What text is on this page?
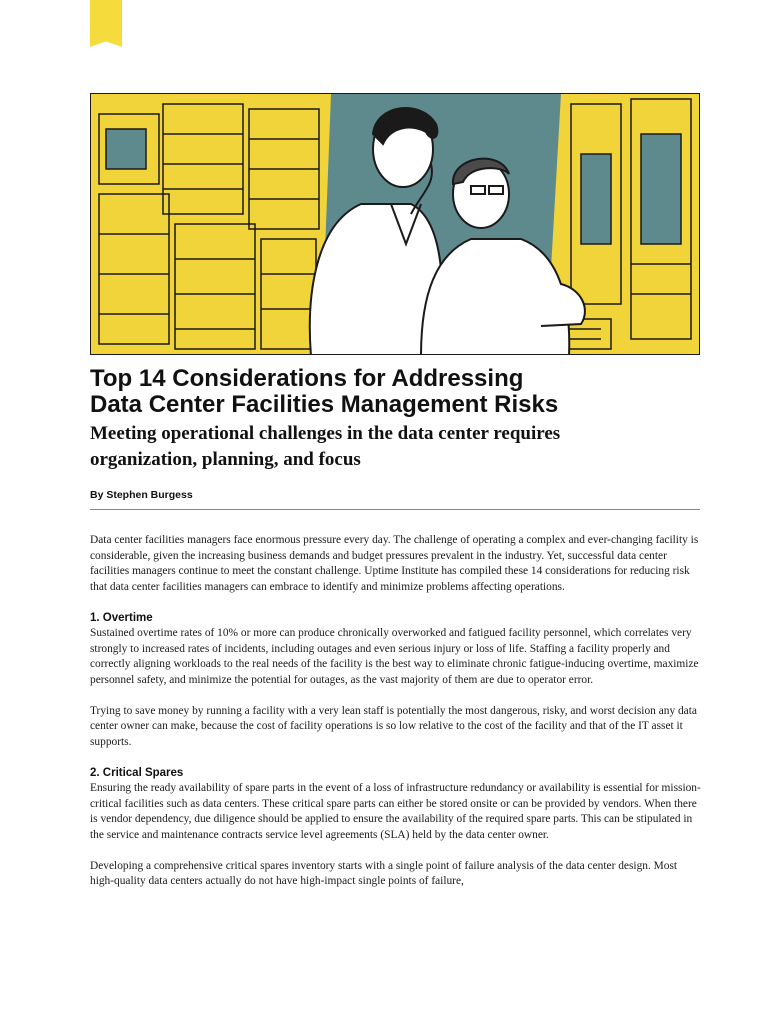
Top 14 Considerations for Addressing
Data Center Facilities Management Risks
Meeting operational challenges in the data center requires
organization, planning, and focus

By Stephen Burgess

Data center facilities managers face enormous pressure every day. The challenge of operating a complex and ever-changing facility is considerable, given the increasing business demands and budget pressures prevalent in the industry. Yet, successful data center facilities managers continue to meet the constant challenge. Uptime Institute has compiled these 14 considerations for reducing risk that data center facilities managers can embrace to identify and minimize problems affecting operations.

1. Overtime

Sustained overtime rates of 10% or more can produce chronically overworked and fatigued facility personnel, which correlates very strongly to increased rates of incidents, including outages and even serious injury or loss of life. Staffing a facility properly and correctly aligning workloads to the real needs of the facility is the best way to eliminate chronic fatigue-inducing overtime, maximize personnel safety, and minimize the potential for outages, as the vast majority of them are due to operator error.

Trying to save money by running a facility with a very lean staff is potentially the most dangerous, risky, and worst decision any data center owner can make, because the cost of facility operations is so low relative to the cost of the facility and that of the IT asset it supports.

2. Critical Spares

Ensuring the ready availability of spare parts in the event of a loss of infrastructure redundancy or availability is essential for mission-critical facilities such as data centers. These critical spare parts can either be stored onsite or can be provided by vendors. When there is vendor dependency, due diligence should be applied to ensure the availability of the required spare parts. This can be stipulated in the service and maintenance contracts service level agreements (SLA) held by the data center owner.

Developing a comprehensive critical spares inventory starts with a single point of failure analysis of the data center design. Most high-quality data centers actually do not have high-impact single points of failure,
